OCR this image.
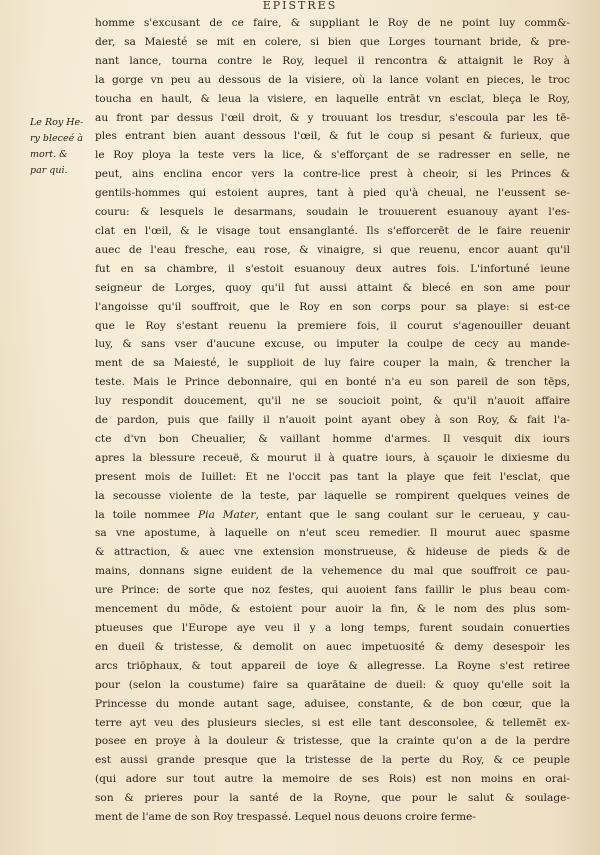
EPISTRES
Le Roy He-
ry bleceé à
mort. &
par qui.
homme s'excusant de ce faire, & suppliant le Roy de ne point luy comm&-
der, sa Maiesté se mit en colere, si bien que Lorges tournant bride, & pre-
nant lance, tourna contre le Roy, lequel il rencontra & attaignit le Roy à
la gorge vn peu au dessous de la visiere, où la lance volant en pieces, le troc
toucha en hault, & leua la visiere, en laquelle entrāt vn esclat, bleça le Roy,
au front par dessus l'œil droit, & y trouuant los tresdur, s'escoula par les tē-
ples entrant bien auant dessous l'œil, & fut le coup si pesant & furieux, que
le Roy ploya la teste vers la lice, & s'efforçant de se radresser en selle, ne
peut, ains enclina encor vers la contre-lice prest à cheoir, si les Princes &
gentils-hommes qui estoient aupres, tant à pied qu'à cheual, ne l'eussent se-
couru: & lesquels le desarmans, soudain le trouuerent esuanouy ayant l'es-
clat en l'œil, & le visage tout ensanglanté. Ils s'efforcerēt de le faire reuenir
auec de l'eau fresche, eau rose, & vinaigre, si que reuenu, encor auant qu'il
fut en sa chambre, il s'estoit esuanouy deux autres fois. L'infortuné ieune
seigneur de Lorges, quoy qu'il fut aussi attaint & blecé en son ame pour
l'angoisse qu'il souffroit, que le Roy en son corps pour sa playe: si est-ce
que le Roy s'estant reuenu la premiere fois, il courut s'agenouiller deuant
luy, & sans vser d'aucune excuse, ou imputer la coulpe de cecy au mande-
ment de sa Maiesté, le supplioit de luy faire couper la main, & trencher la
teste. Mais le Prince debonnaire, qui en bonté n'a eu son pareil de son tēps,
luy respondit doucement, qu'il ne se soucioit point, & qu'il n'auoit affaire
de pardon, puis que failly il n'auoit point ayant obey à son Roy, & fait l'a-
cte d'vn bon Cheualier, & vaillant homme d'armes. Il vesquit dix iours
apres la blessure receuë, & mourut il à quatre iours, à sçauoir le dixiesme du
present mois de Iuillet: Et ne l'occit pas tant la playe que feit l'esclat, que
la secousse violente de la teste, par laquelle se rompirent quelques veines de
la toile nommee Pia Mater, entant que le sang coulant sur le cerueau, y cau-
sa vne apostume, à laquelle on n'eut sceu remedier. Il mourut auec spasme
& attraction, & auec vne extension monstrueuse, & hideuse de pieds & de
mains, donnans signe euident de la vehemence du mal que souffroit ce pau-
ure Prince: de sorte que noz festes, qui auoient fans faillir le plus beau com-
mencement du mōde, & estoient pour auoir la fin, & le nom des plus som-
ptueuses que l'Europe aye veu il y a long temps, furent soudain conuerties
en dueil & tristesse, & demolit on auec impetuosité & demy desespoir les
arcs triōphaux, & tout appareil de ioye & allegresse. La Royne s'est retiree
pour (selon la coustume) faire sa quarātaine de dueil: & quoy qu'elle soit la
Princesse du monde autant sage, aduisee, constante, & de bon cœur, que la
terre ayt veu des plusieurs siecles, si est elle tant desconsolee, & tellemēt ex-
posee en proye à la douleur & tristesse, que la crainte qu'on a de la perdre
est aussi grande presque que la tristesse de la perte du Roy, & ce peuple
(qui adore sur tout autre la memoire de ses Rois) est non moins en orai-
son & prieres pour la santé de la Royne, que pour le salut & soulage-
ment de l'ame de son Roy trespassé. Lequel nous deuons croire ferme-
